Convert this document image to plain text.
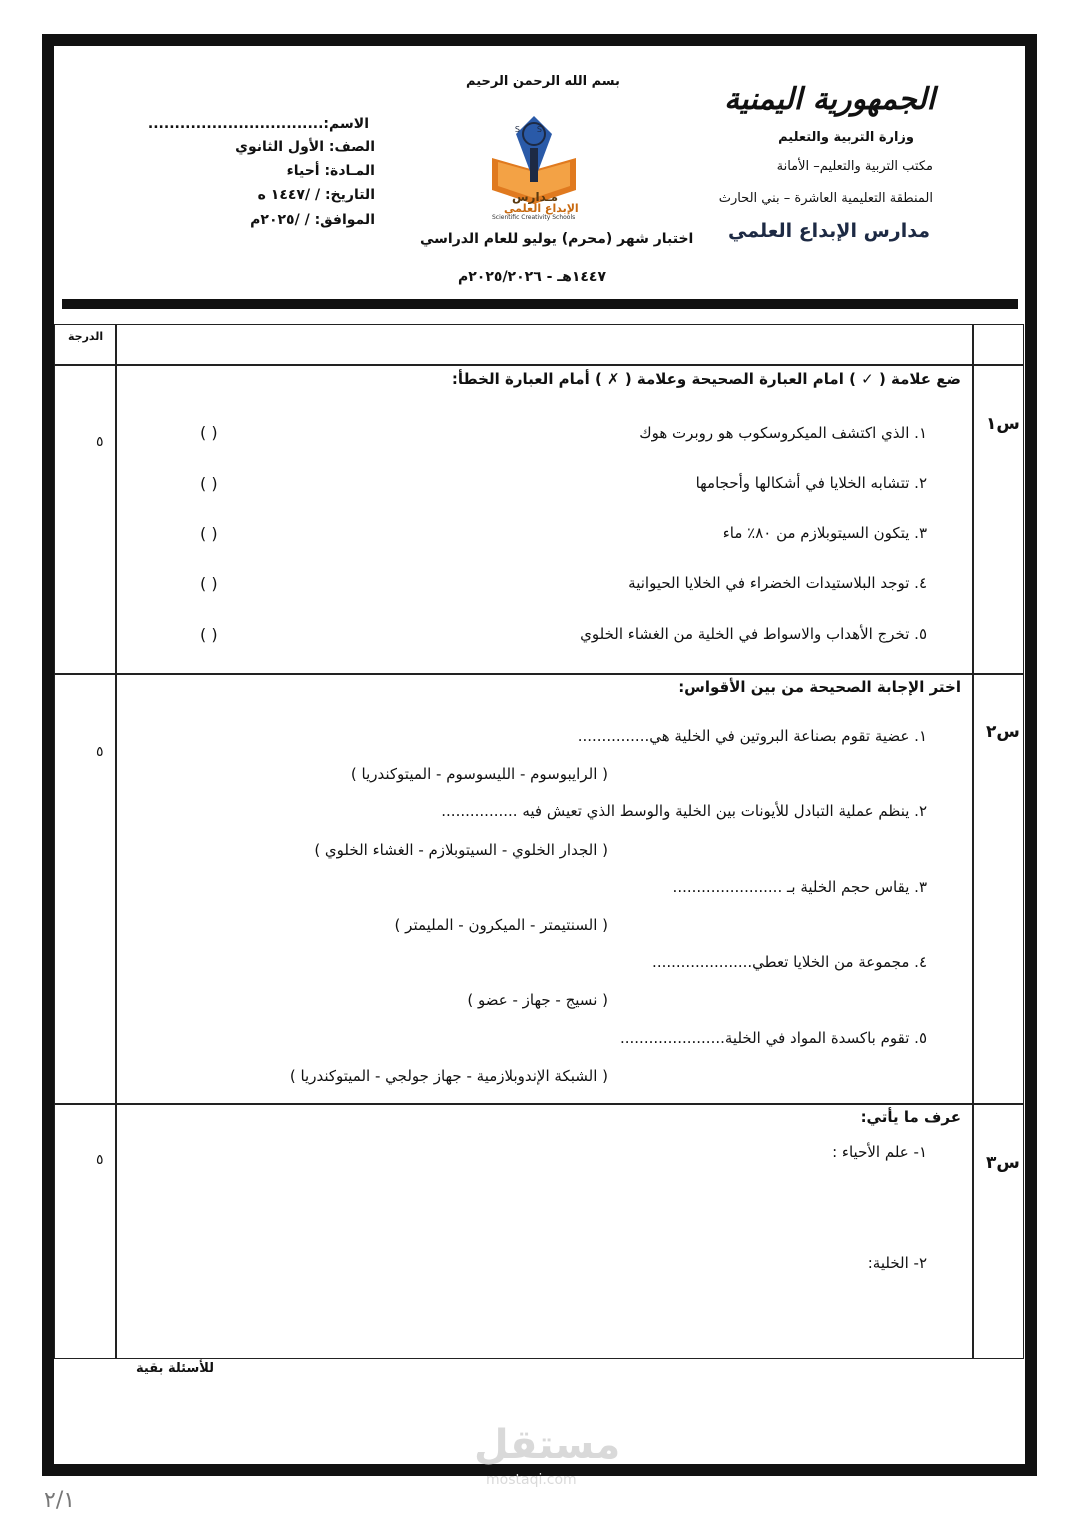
بسم الله الرحمن الرحيم
الجمهورية اليمنية
وزارة التربية والتعليم
مكتب التربية والتعليم– الأمانة
المنطقة التعليمية العاشرة – بني الحارث
مدارس الإبداع العلمي
S S
مـدارس
الإبداع العلمي
Scientific Creativity Schools
اختبار شهر (محرم) يوليو للعام الدراسي
١٤٤٧هـ - ٢٠٢٥/٢٠٢٦م
الاسم:.................................
الصف: الأول الثانوي
المـادة: أحياء
التاريخ: / /١٤٤٧ ه
الموافق: / /٢٠٢٥م
الدرجة
س١
٥
ضع علامة ( ✓ ) امام العبارة الصحيحة وعلامة ( ✗ ) أمام العبارة الخطأ:
١. الذي اكتشف الميكروسكوب هو روبرت هوك
٢. تتشابه الخلايا في أشكالها وأحجامها
٣. يتكون السيتوبلازم من ٨٠٪ ماء
٤. توجد البلاستيدات الخضراء في الخلايا الحيوانية
٥. تخرج الأهداب والاسواط في الخلية من الغشاء الخلوي
( )
( )
( )
( )
( )
س٢
٥
اختر الإجابة الصحيحة من بين الأقواس:
١. عضية تقوم بصناعة البروتين في الخلية هي...............
( الرايبوسوم - الليسوسوم - الميتوكندريا )
٢. ينظم عملية التبادل للأيونات بين الخلية والوسط الذي تعيش فيه ................
( الجدار الخلوي - السيتوبلازم - الغشاء الخلوي )
٣. يقاس حجم الخلية بـ .......................
( السنتيمتر - الميكرون - المليمتر )
٤. مجموعة من الخلايا تعطي.....................
( نسيج - جهاز - عضو )
٥. تقوم باكسدة المواد في الخلية......................
( الشبكة الإندوبلازمية - جهاز جولجي - الميتوكندريا )
س٣
٥
عرف ما يأتي:
١- علم الأحياء :
٢- الخلية:
للأسئلة بقية
مستقل
mostaqi.com
٢/١
